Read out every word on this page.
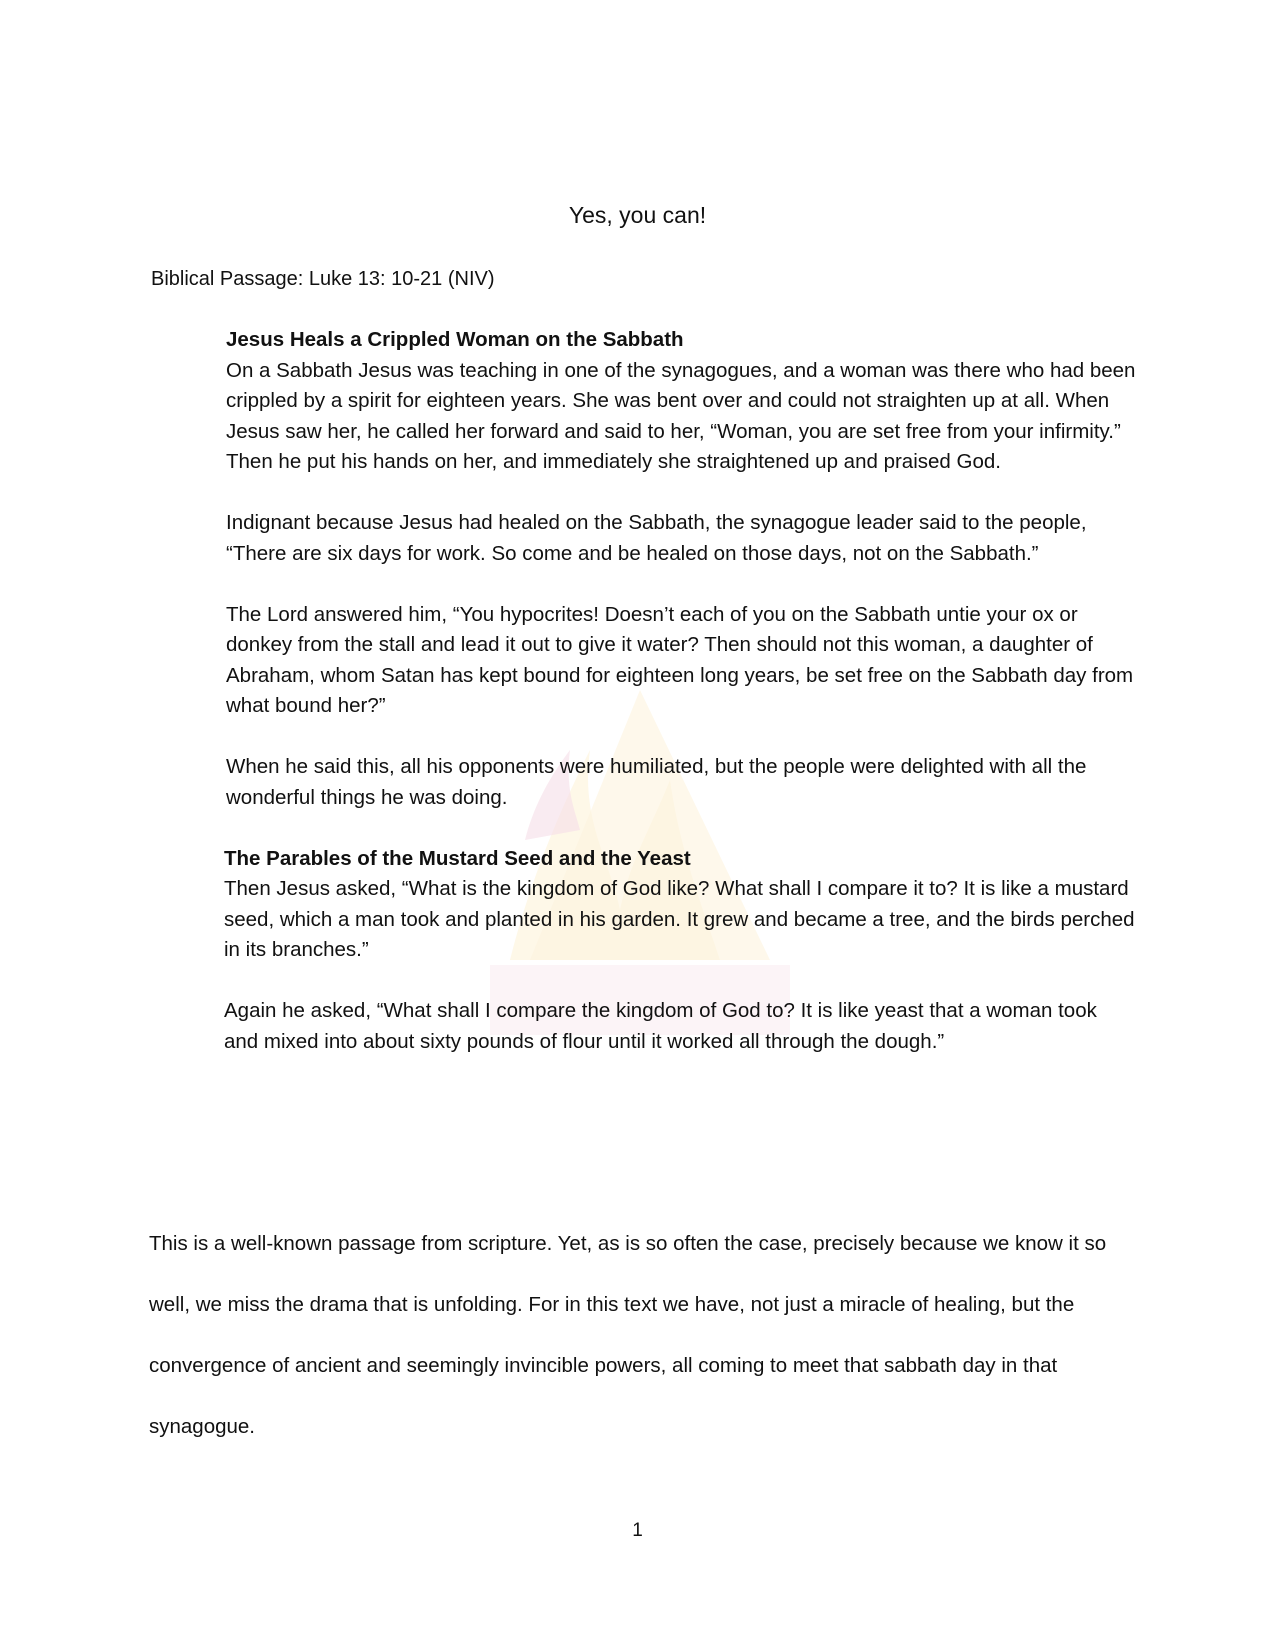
Yes, you can!
Biblical Passage: Luke 13: 10-21 (NIV)

Jesus Heals a Crippled Woman on the Sabbath

On a Sabbath Jesus was teaching in one of the synagogues, and a woman was there who had been crippled by a spirit for eighteen years. She was bent over and could not straighten up at all. When Jesus saw her, he called her forward and said to her, “Woman, you are set free from your infirmity.” Then he put his hands on her, and immediately she straightened up and praised God.

Indignant because Jesus had healed on the Sabbath, the synagogue leader said to the people, “There are six days for work. So come and be healed on those days, not on the Sabbath.”

The Lord answered him, “You hypocrites! Doesn’t each of you on the Sabbath untie your ox or donkey from the stall and lead it out to give it water? Then should not this woman, a daughter of Abraham, whom Satan has kept bound for eighteen long years, be set free on the Sabbath day from what bound her?”

When he said this, all his opponents were humiliated, but the people were delighted with all the wonderful things he was doing.

The Parables of the Mustard Seed and the Yeast

Then Jesus asked, “What is the kingdom of God like? What shall I compare it to? It is like a mustard seed, which a man took and planted in his garden. It grew and became a tree, and the birds perched in its branches.”

Again he asked, “What shall I compare the kingdom of God to? It is like yeast that a woman took and mixed into about sixty pounds of flour until it worked all through the dough.”

This is a well-known passage from scripture. Yet, as is so often the case, precisely because we know it so well, we miss the drama that is unfolding. For in this text we have, not just a miracle of healing, but the convergence of ancient and seemingly invincible powers, all coming to meet that sabbath day in that synagogue.

1
